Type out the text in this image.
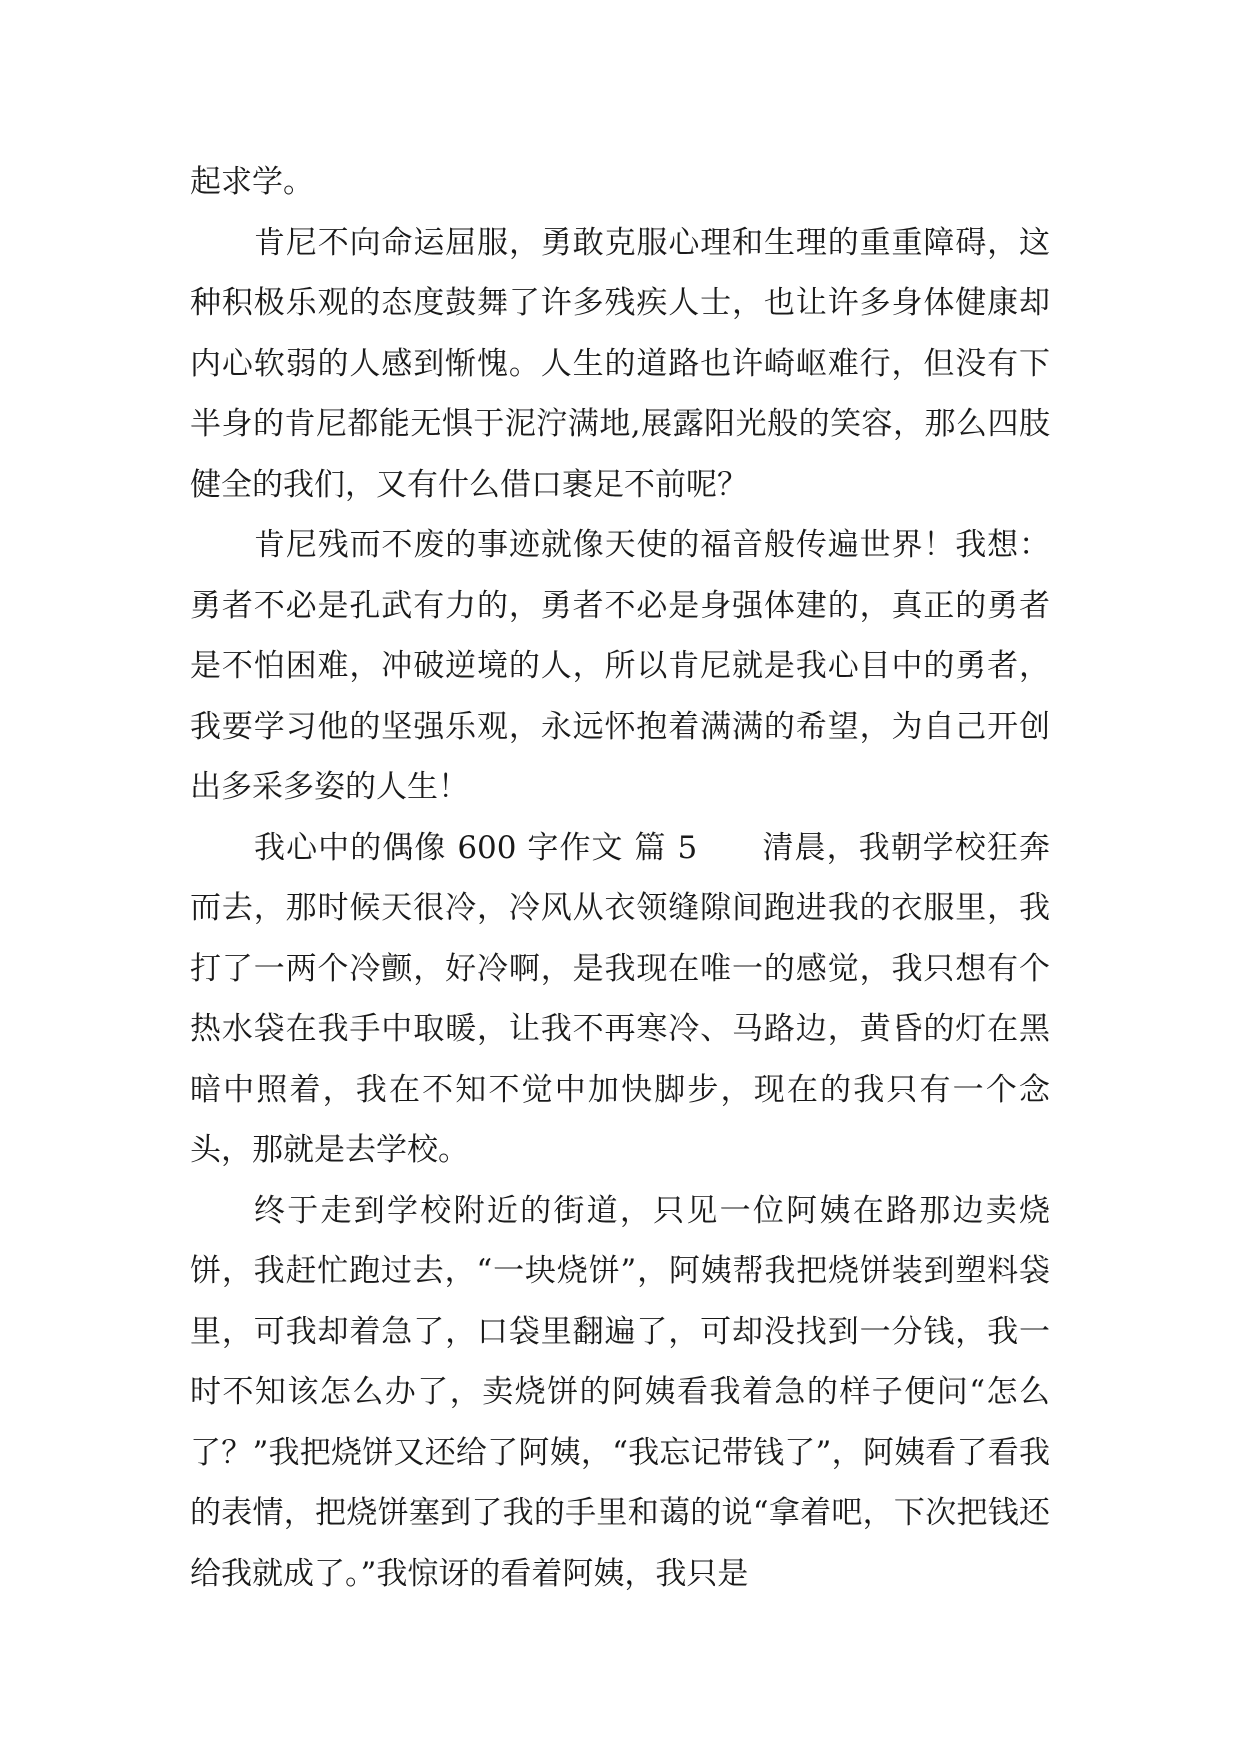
起求学。

肯尼不向命运屈服，勇敢克服心理和生理的重重障碍，这种积极乐观的态度鼓舞了许多残疾人士，也让许多身体健康却内心软弱的人感到惭愧。人生的道路也许崎岖难行，但没有下半身的肯尼都能无惧于泥泞满地,展露阳光般的笑容，那么四肢健全的我们，又有什么借口裹足不前呢？

肯尼残而不废的事迹就像天使的福音般传遍世界！我想：勇者不必是孔武有力的，勇者不必是身强体建的，真正的勇者是不怕困难，冲破逆境的人，所以肯尼就是我心目中的勇者，我要学习他的坚强乐观，永远怀抱着满满的希望，为自己开创出多采多姿的人生！

我心中的偶像 600 字作文 篇 5　　清晨，我朝学校狂奔而去，那时候天很冷，冷风从衣领缝隙间跑进我的衣服里，我打了一两个冷颤，好冷啊，是我现在唯一的感觉，我只想有个热水袋在我手中取暖，让我不再寒冷、马路边，黄昏的灯在黑暗中照着，我在不知不觉中加快脚步，现在的我只有一个念头，那就是去学校。

终于走到学校附近的街道，只见一位阿姨在路那边卖烧饼，我赶忙跑过去，“一块烧饼”，阿姨帮我把烧饼装到塑料袋里，可我却着急了，口袋里翻遍了，可却没找到一分钱，我一时不知该怎么办了，卖烧饼的阿姨看我着急的样子便问“怎么了？”我把烧饼又还给了阿姨，“我忘记带钱了”，阿姨看了看我的表情，把烧饼塞到了我的手里和蔼的说“拿着吧，下次把钱还给我就成了。”我惊讶的看着阿姨，我只是
